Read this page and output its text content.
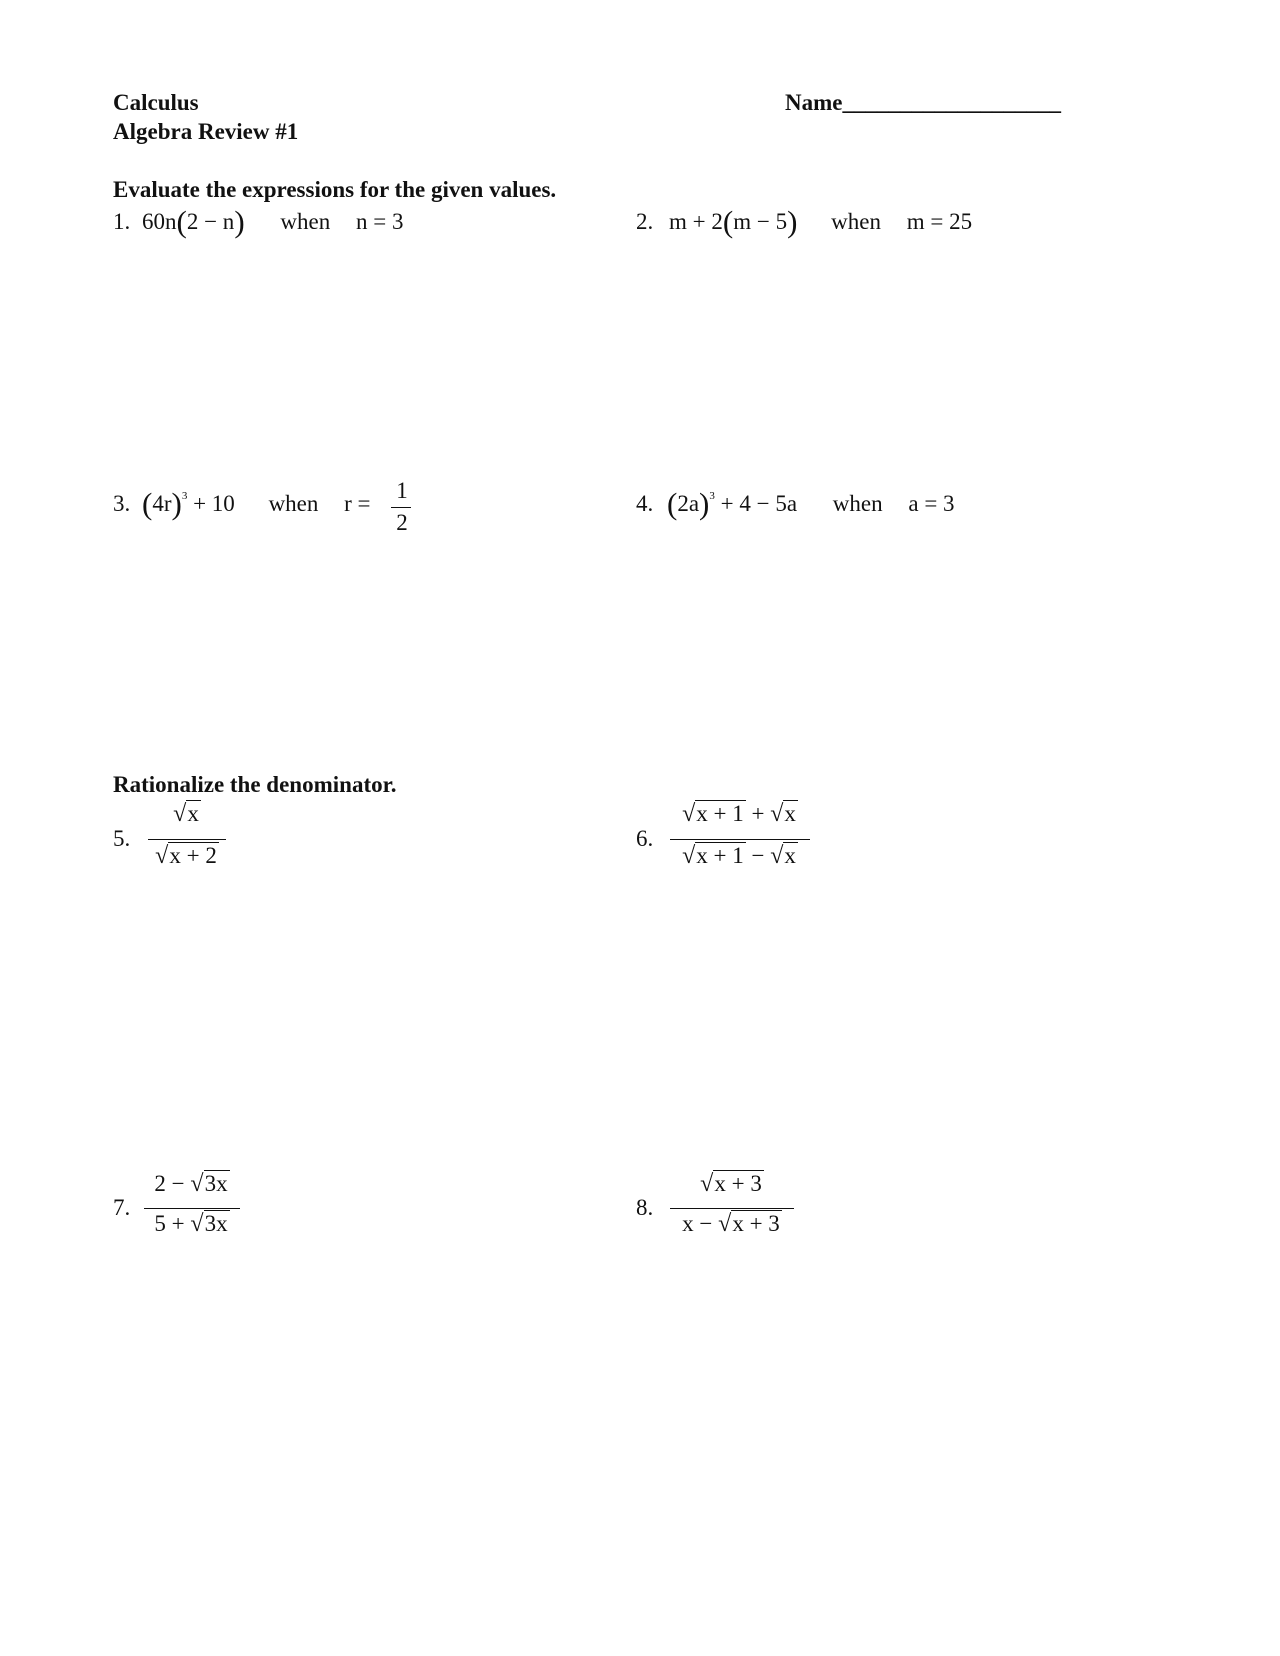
Calculus
Algebra Review #1
Name___________________
Evaluate the expressions for the given values.
1. 60n(2 − n) when n = 3	2. m + 2(m − 5) when m = 25
3. $(4r)^3 + 10$ when r =
1
2
4. $(2a)^3 + 4 - 5a$ when a = 3
Rationalize the denominator.
5.
√x
√x + 2
6.
√x + 1 + √x
√x + 1 − √x
7.
2 − √3x
5 + √3x
8.
√x + 3
x − √x + 3
